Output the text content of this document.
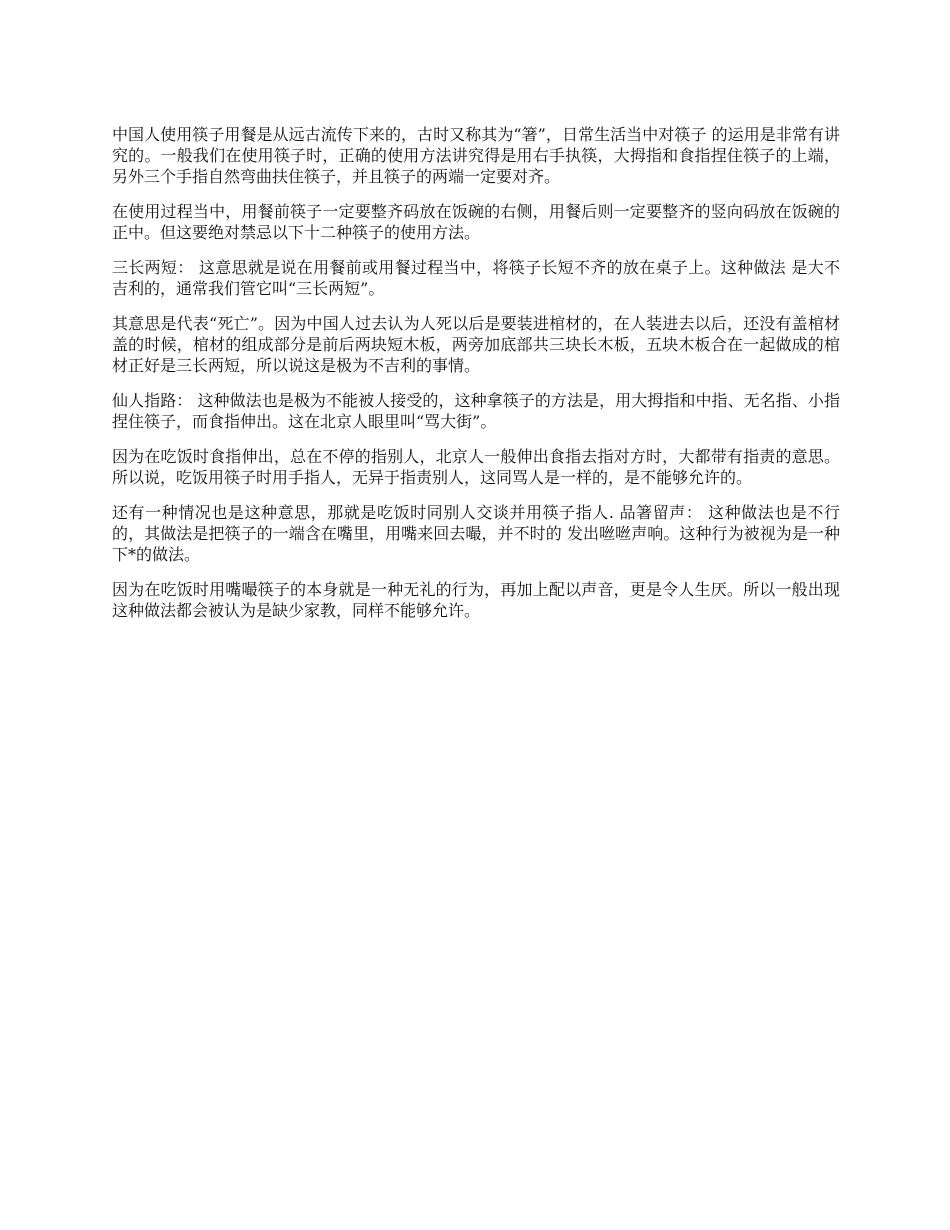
中国人使用筷子用餐是从远古流传下来的，古时又称其为“箸”，日常生活当中对筷子 的运用是非常有讲究的。一般我们在使用筷子时，正确的使用方法讲究得是用右手执筷，大拇指和食指捏住筷子的上端，另外三个手指自然弯曲扶住筷子，并且筷子的两端一定要对齐。

在使用过程当中，用餐前筷子一定要整齐码放在饭碗的右侧，用餐后则一定要整齐的竖向码放在饭碗的正中。但这要绝对禁忌以下十二种筷子的使用方法。

三长两短： 这意思就是说在用餐前或用餐过程当中，将筷子长短不齐的放在桌子上。这种做法 是大不吉利的，通常我们管它叫“三长两短”。

其意思是代表“死亡”。因为中国人过去认为人死以后是要装进棺材的，在人装进去以后，还没有盖棺材盖的时候，棺材的组成部分是前后两块短木板，两旁加底部共三块长木板，五块木板合在一起做成的棺材正好是三长两短，所以说这是极为不吉利的事情。

仙人指路： 这种做法也是极为不能被人接受的，这种拿筷子的方法是，用大拇指和中指、无名指、小指捏住筷子，而食指伸出。这在北京人眼里叫“骂大街”。

因为在吃饭时食指伸出，总在不停的指别人，北京人一般伸出食指去指对方时，大都带有指责的意思。所以说，吃饭用筷子时用手指人，无异于指责别人，这同骂人是一样的，是不能够允许的。

还有一种情况也是这种意思，那就是吃饭时同别人交谈并用筷子指人. 品箸留声： 这种做法也是不行的，其做法是把筷子的一端含在嘴里，用嘴来回去嘬，并不时的 发出咝咝声响。这种行为被视为是一种下*的做法。

因为在吃饭时用嘴嘬筷子的本身就是一种无礼的行为，再加上配以声音，更是令人生厌。所以一般出现这种做法都会被认为是缺少家教，同样不能够允许。
